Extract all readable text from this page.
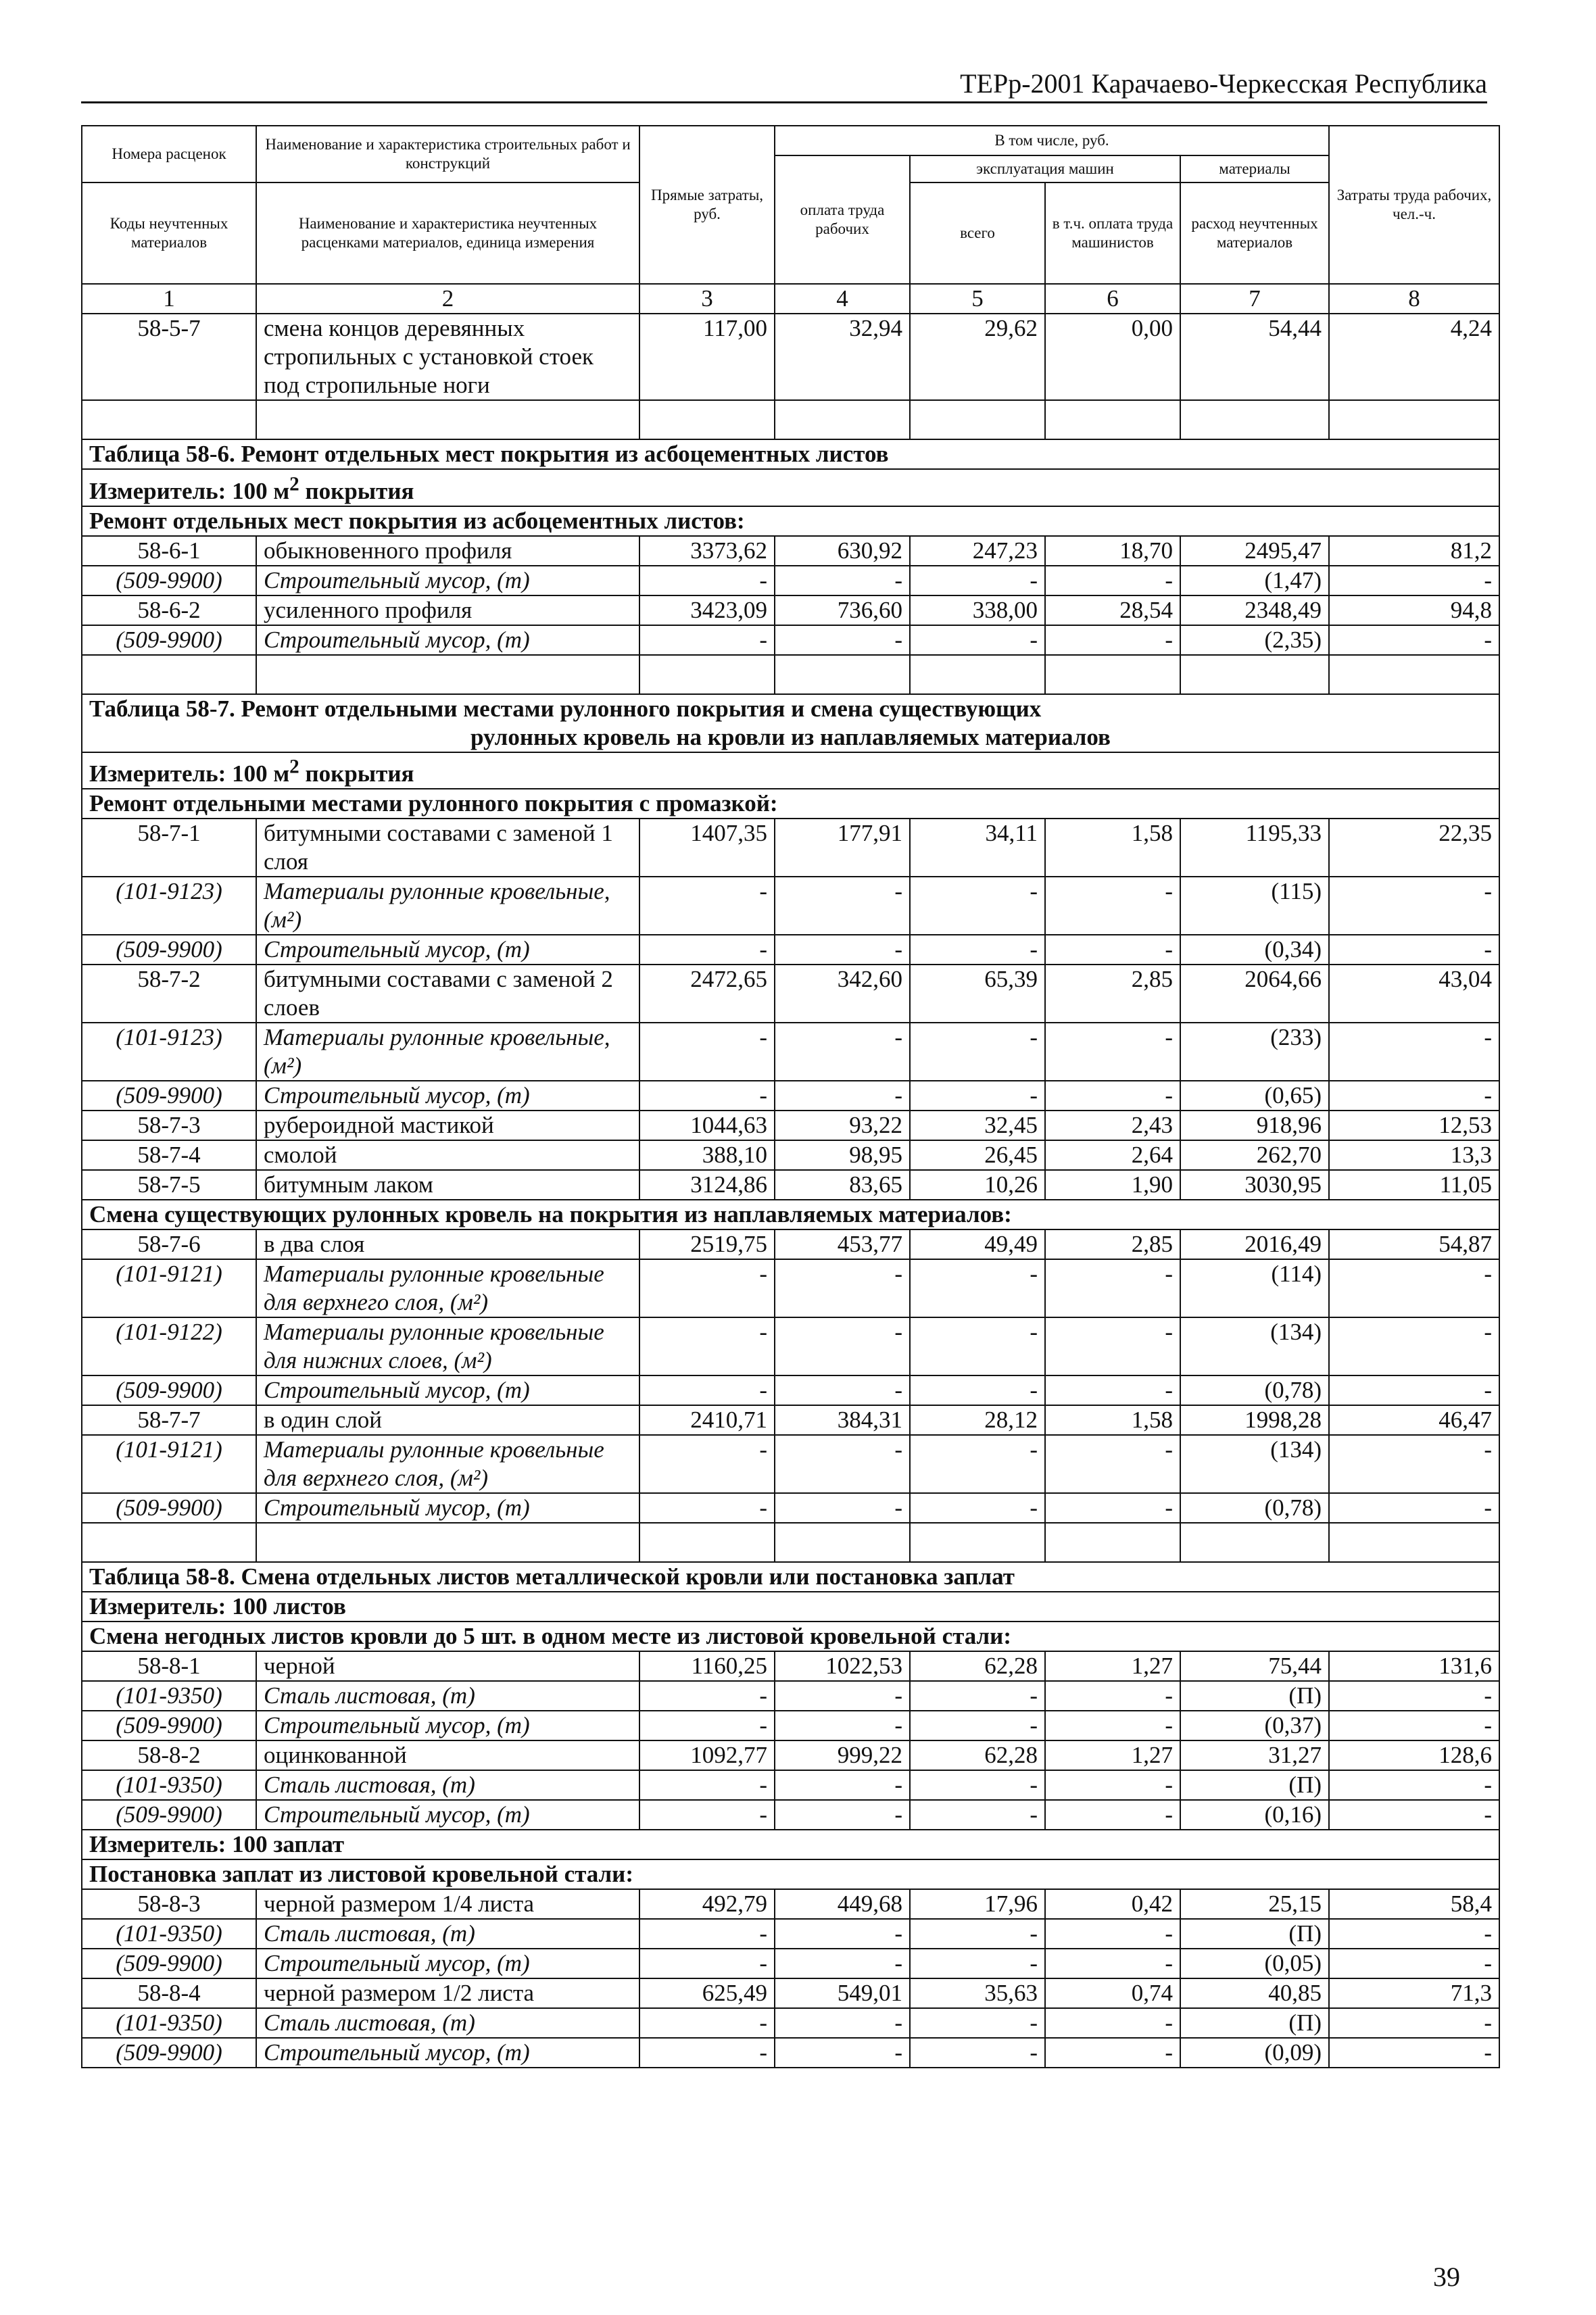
ТЕРр-2001 Карачаево-Черкесская Республика
Номера расценок	Наименование и характеристика строительных работ и конструкций	Прямые затраты, руб.	В том числе, руб.				Затраты труда рабочих, чел.-ч.
			оплата труда рабочих	эксплуатация машин		материалы	
Коды неучтенных материалов	Наименование и характеристика неучтенных расценками материалов, единица измерения			всего	в т.ч. оплата труда машинистов	расход неучтенных материалов	

1	2	3	4	5	6	7	8
58-5-7	смена концов деревянных
стропильных с установкой стоек
под стропильные ноги	117,00	32,94	29,62	0,00	54,44	4,24

Таблица 58-6. Ремонт отдельных мест покрытия из асбоцементных листов							
Измеритель: 100 $м^2$ покрытия							
Ремонт отдельных мест покрытия из асбоцементных листов:							
58-6-1	обыкновенного профиля	3373,62	630,92	247,23	18,70	2495,47	81,2
(509-9900)	Строительный мусор, (т)	-	-	-	-	(1,47)	-
58-6-2	усиленного профиля	3423,09	736,60	338,00	28,54	2348,49	94,8
(509-9900)	Строительный мусор, (т)	-	-	-	-	(2,35)	-

Таблица 58-7. Ремонт отдельными местами рулонного покрытия и смена существующих
рулонных кровель на кровли из наплавляемых материалов							

Измеритель: 100 $м^2$ покрытия							
Ремонт отдельными местами рулонного покрытия с промазкой:							
58-7-1	битумными составами с заменой 1 слоя	1407,35	177,91	34,11	1,58	1195,33	22,35
(101-9123)	Материалы рулонные кровельные, (м²)	-	-	-	-	(115)	-
(509-9900)	Строительный мусор, (т)	-	-	-	-	(0,34)	-
58-7-2	битумными составами с заменой 2 слоев	2472,65	342,60	65,39	2,85	2064,66	43,04
(101-9123)	Материалы рулонные кровельные, (м²)	-	-	-	-	(233)	-
(509-9900)	Строительный мусор, (т)	-	-	-	-	(0,65)	-
58-7-3	рубероидной мастикой	1044,63	93,22	32,45	2,43	918,96	12,53
58-7-4	смолой	388,10	98,95	26,45	2,64	262,70	13,3
58-7-5	битумным лаком	3124,86	83,65	10,26	1,90	3030,95	11,05
Смена существующих рулонных кровель на покрытия из наплавляемых материалов:							
58-7-6	в два слоя	2519,75	453,77	49,49	2,85	2016,49	54,87
(101-9121)	Материалы рулонные кровельные для верхнего слоя, (м²)	-	-	-	-	(114)	-
(101-9122)	Материалы рулонные кровельные для нижних слоев, (м²)	-	-	-	-	(134)	-
(509-9900)	Строительный мусор, (т)	-	-	-	-	(0,78)	-
58-7-7	в один слой	2410,71	384,31	28,12	1,58	1998,28	46,47
(101-9121)	Материалы рулонные кровельные для верхнего слоя, (м²)	-	-	-	-	(134)	-
(509-9900)	Строительный мусор, (т)	-	-	-	-	(0,78)	-

Таблица 58-8. Смена отдельных листов металлической кровли или постановка заплат							
Измеритель: 100 листов							
Смена негодных листов кровли до 5 шт. в одном месте из листовой кровельной стали:							
58-8-1	черной	1160,25	1022,53	62,28	1,27	75,44	131,6
(101-9350)	Сталь листовая, (т)	-	-	-	-	(П)	-
(509-9900)	Строительный мусор, (т)	-	-	-	-	(0,37)	-
58-8-2	оцинкованной	1092,77	999,22	62,28	1,27	31,27	128,6
(101-9350)	Сталь листовая, (т)	-	-	-	-	(П)	-
(509-9900)	Строительный мусор, (т)	-	-	-	-	(0,16)	-
Измеритель: 100 заплат							
Постановка заплат из листовой кровельной стали:							
58-8-3	черной размером 1/4 листа	492,79	449,68	17,96	0,42	25,15	58,4
(101-9350)	Сталь листовая, (т)	-	-	-	-	(П)	-
(509-9900)	Строительный мусор, (т)	-	-	-	-	(0,05)	-
58-8-4	черной размером 1/2 листа	625,49	549,01	35,63	0,74	40,85	71,3
(101-9350)	Сталь листовая, (т)	-	-	-	-	(П)	-
(509-9900)	Строительный мусор, (т)	-	-	-	-	(0,09)	-
39
